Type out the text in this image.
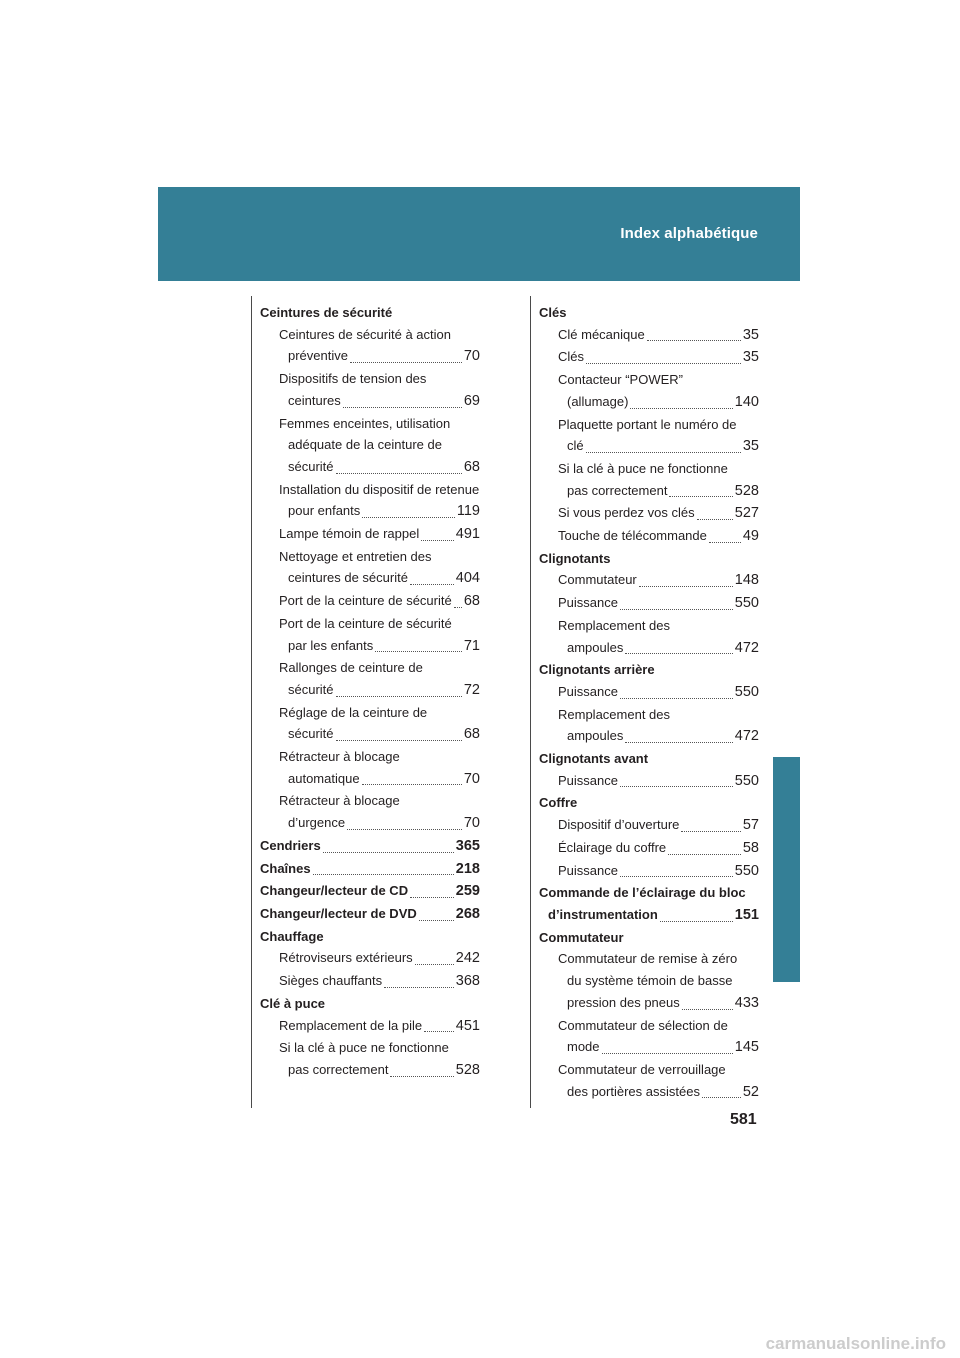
Index alphabétique
Ceintures de sécurité
Ceintures de sécurité à action
préventive	70
Dispositifs de tension des
ceintures	69
Femmes enceintes, utilisation
adéquate de la ceinture de
sécurité	68
Installation du dispositif de retenue
pour enfants	119
Lampe témoin de rappel	491
Nettoyage et entretien des
ceintures de sécurité	404
Port de la ceinture de sécurité 68
Port de la ceinture de sécurité
par les enfants	71
Rallonges de ceinture de
sécurité	72
Réglage de la ceinture de
sécurité	68
Rétracteur à blocage
automatique	70
Rétracteur à blocage
d’urgence	70
Cendriers	365
Chaînes	218
Changeur/lecteur de CD	259
Changeur/lecteur de DVD	268
Chauffage
Rétroviseurs extérieurs	242
Sièges chauffants	368
Clé à puce
Remplacement de la pile 451
Si la clé à puce ne fonctionne
pas correctement	528
Clés
Clé mécanique	35
Clés	35
Contacteur “POWER”
(allumage)	140
Plaquette portant le numéro de
clé	35
Si la clé à puce ne fonctionne
pas correctement	528
Si vous perdez vos clés	527
Touche de télécommande 49
Clignotants
Commutateur	148
Puissance	550
Remplacement des
ampoules	472
Clignotants arrière
Puissance	550
Remplacement des
ampoules	472
Clignotants avant
Puissance	550
Coffre
Dispositif d’ouverture	57
Éclairage du coffre	58
Puissance	550
Commande de l’éclairage du bloc
d’instrumentation	151
Commutateur
Commutateur de remise à zéro
du système témoin de basse
pression des pneus	433
Commutateur de sélection de
mode	145
Commutateur de verrouillage
des portières assistées	52
581
carmanualsonline.info
